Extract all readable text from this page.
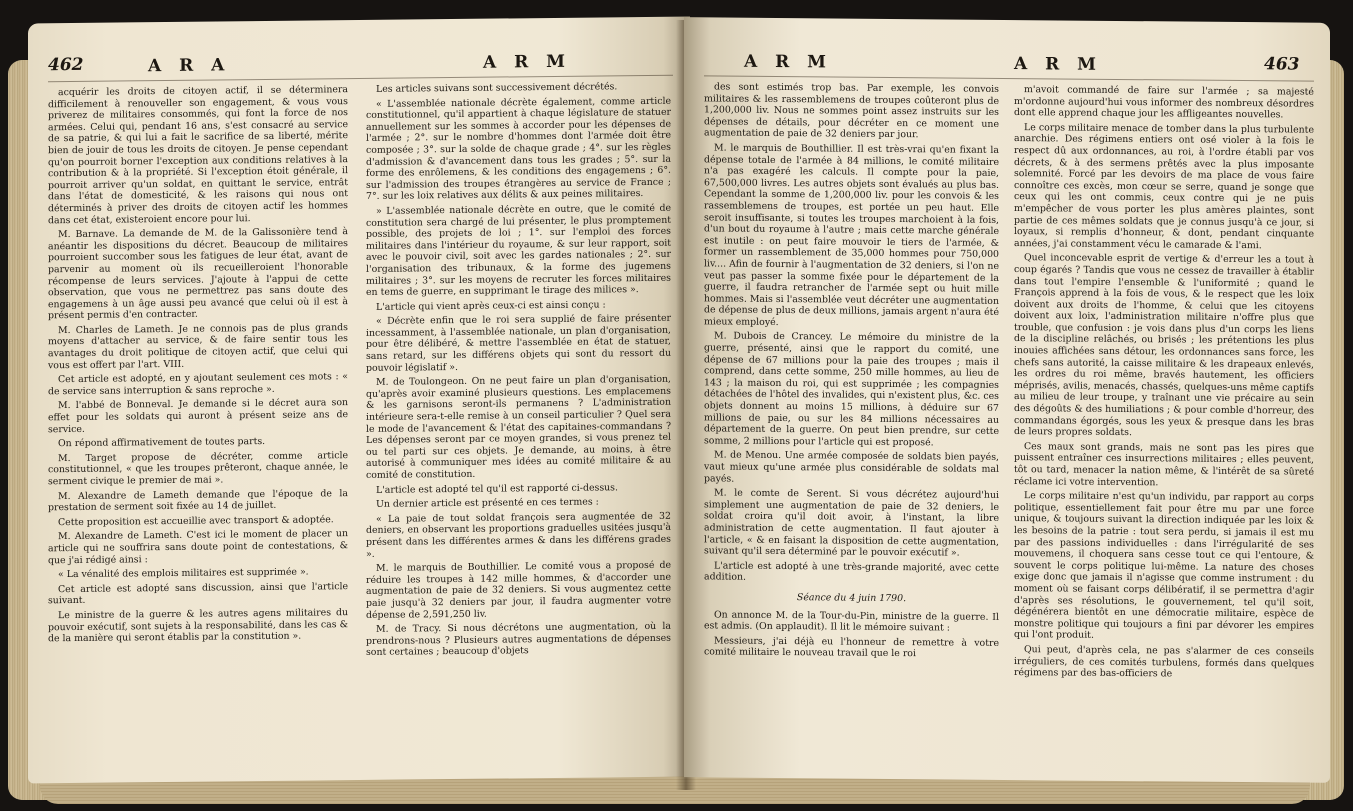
462	A R A	A R M

acquérir les droits de citoyen actif, il se déterminera difficilement à renouveller son engagement, & vous vous priverez de militaires consommés, qui font la force de nos armées. Celui qui, pendant 16 ans, s'est consacré au service de sa patrie, & qui lui a fait le sacrifice de sa liberté, mérite bien de jouir de tous les droits de citoyen. Je pense cependant qu'on pourroit borner l'exception aux conditions relatives à la contribution & à la propriété. Si l'exception étoit générale, il pourroit arriver qu'un soldat, en quittant le service, entrât dans l'état de domesticité, & les raisons qui nous ont déterminés à priver des droits de citoyen actif les hommes dans cet état, existeroient encore pour lui.

M. Barnave. La demande de M. de la Galissonière tend à anéantir les dispositions du décret. Beaucoup de militaires pourroient succomber sous les fatigues de leur état, avant de parvenir au moment où ils recueilleroient l'honorable récompense de leurs services. J'ajoute à l'appui de cette observation, que vous ne permettrez pas sans doute des engagemens à un âge aussi peu avancé que celui où il est à présent permis d'en contracter.

M. Charles de Lameth. Je ne connois pas de plus grands moyens d'attacher au service, & de faire sentir tous les avantages du droit politique de citoyen actif, que celui qui vous est offert par l'art. VIII.

Cet article est adopté, en y ajoutant seulement ces mots : « de service sans interruption & sans reproche ».

M. l'abbé de Bonneval. Je demande si le décret aura son effet pour les soldats qui auront à présent seize ans de service.

On répond affirmativement de toutes parts.

M. Target propose de décréter, comme article constitutionnel, « que les troupes prêteront, chaque année, le serment civique le premier de mai ».

M. Alexandre de Lameth demande que l'époque de la prestation de serment soit fixée au 14 de juillet.

Cette proposition est accueillie avec transport & adoptée.

M. Alexandre de Lameth. C'est ici le moment de placer un article qui ne souffrira sans doute point de contestations, & que j'ai rédigé ainsi :

« La vénalité des emplois militaires est supprimée ».

Cet article est adopté sans discussion, ainsi que l'article suivant.

Le ministre de la guerre & les autres agens militaires du pouvoir exécutif, sont sujets à la responsabilité, dans les cas & de la manière qui seront établis par la constitution ».

Les articles suivans sont successivement décrétés.

« L'assemblée nationale décrète également, comme article constitutionnel, qu'il appartient à chaque législature de statuer annuellement sur les sommes à accorder pour les dépenses de l'armée ; 2°. sur le nombre d'hommes dont l'armée doit être composée ; 3°. sur la solde de chaque grade ; 4°. sur les règles d'admission & d'avancement dans tous les grades ; 5°. sur la forme des enrôlemens, & les conditions des engagemens ; 6°. sur l'admission des troupes étrangères au service de France ; 7°. sur les loix relatives aux délits & aux peines militaires.

» L'assemblée nationale décrète en outre, que le comité de constitution sera chargé de lui présenter, le plus promptement possible, des projets de loi ; 1°. sur l'emploi des forces militaires dans l'intérieur du royaume, & sur leur rapport, soit avec le pouvoir civil, soit avec les gardes nationales ; 2°. sur l'organisation des tribunaux, & la forme des jugemens militaires ; 3°. sur les moyens de recruter les forces militaires en tems de guerre, en supprimant le tirage des milices ».

L'article qui vient après ceux-ci est ainsi conçu :

« Décrète enfin que le roi sera supplié de faire présenter incessamment, à l'assemblée nationale, un plan d'organisation, pour être délibéré, & mettre l'assemblée en état de statuer, sans retard, sur les différens objets qui sont du ressort du pouvoir législatif ».

M. de Toulongeon. On ne peut faire un plan d'organisation, qu'après avoir examiné plusieurs questions. Les emplacemens & les garnisons seront-ils permanens ? L'administration intérieure sera-t-elle remise à un conseil particulier ? Quel sera le mode de l'avancement & l'état des capitaines-commandans ? Les dépenses seront par ce moyen grandes, si vous prenez tel ou tel parti sur ces objets. Je demande, au moins, à être autorisé à communiquer mes idées au comité militaire & au comité de constitution.

L'article est adopté tel qu'il est rapporté ci-dessus.

Un dernier article est présenté en ces termes :

« La paie de tout soldat françois sera augmentée de 32 deniers, en observant les proportions graduelles usitées jusqu'à présent dans les différentes armes & dans les différens grades ».

M. le marquis de Bouthillier. Le comité vous a proposé de réduire les troupes à 142 mille hommes, & d'accorder une augmentation de paie de 32 deniers. Si vous augmentez cette paie jusqu'à 32 deniers par jour, il faudra augmenter votre dépense de 2,591,250 liv.

M. de Tracy. Si nous décrétons une augmentation, où la prendrons-nous ? Plusieurs autres augmentations de dépenses sont certaines ; beaucoup d'objets

A R M	A R M	463

des sont estimés trop bas. Par exemple, les convois militaires & les rassemblemens de troupes coûteront plus de 1,200,000 liv. Nous ne sommes point assez instruits sur les dépenses de détails, pour décréter en ce moment une augmentation de paie de 32 deniers par jour.

M. le marquis de Bouthillier. Il est très-vrai qu'en fixant la dépense totale de l'armée à 84 millions, le comité militaire n'a pas exagéré les calculs. Il compte pour la paie, 67,500,000 livres. Les autres objets sont évalués au plus bas. Cependant la somme de 1,200,000 liv. pour les convois & les rassemblemens de troupes, est portée un peu haut. Elle seroit insuffisante, si toutes les troupes marchoient à la fois, d'un bout du royaume à l'autre ; mais cette marche générale est inutile : on peut faire mouvoir le tiers de l'armée, & former un rassemblement de 35,000 hommes pour 750,000 liv.... Afin de fournir à l'augmentation de 32 deniers, si l'on ne veut pas passer la somme fixée pour le département de la guerre, il faudra retrancher de l'armée sept ou huit mille hommes. Mais si l'assemblée veut décréter une augmentation de dépense de plus de deux millions, jamais argent n'aura été mieux employé.

M. Dubois de Crancey. Le mémoire du ministre de la guerre, présenté, ainsi que le rapport du comité, une dépense de 67 millions pour la paie des troupes ; mais il comprend, dans cette somme, 250 mille hommes, au lieu de 143 ; la maison du roi, qui est supprimée ; les compagnies détachées de l'hôtel des invalides, qui n'existent plus, &c. ces objets donnent au moins 15 millions, à déduire sur 67 millions de paie, ou sur les 84 millions nécessaires au département de la guerre. On peut bien prendre, sur cette somme, 2 millions pour l'article qui est proposé.

M. de Menou. Une armée composée de soldats bien payés, vaut mieux qu'une armée plus considérable de soldats mal payés.

M. le comte de Serent. Si vous décrétez aujourd'hui simplement une augmentation de paie de 32 deniers, le soldat croira qu'il doit avoir, à l'instant, la libre administration de cette augmentation. Il faut ajouter à l'article, « & en faisant la disposition de cette augmentation, suivant qu'il sera déterminé par le pouvoir exécutif ».

L'article est adopté à une très-grande majorité, avec cette addition.

Séance du 4 juin 1790.

On annonce M. de la Tour-du-Pin, ministre de la guerre. Il est admis. (On applaudit). Il lit le mémoire suivant :

Messieurs, j'ai déjà eu l'honneur de remettre à votre comité militaire le nouveau travail que le roi

m'avoit commandé de faire sur l'armée ; sa majesté m'ordonne aujourd'hui vous informer des nombreux désordres dont elle apprend chaque jour les affligeantes nouvelles.

Le corps militaire menace de tomber dans la plus turbulente anarchie. Des régimens entiers ont osé violer à la fois le respect dû aux ordonnances, au roi, à l'ordre établi par vos décrets, & à des sermens prêtés avec la plus imposante solemnité. Forcé par les devoirs de ma place de vous faire connoître ces excès, mon cœur se serre, quand je songe que ceux qui les ont commis, ceux contre qui je ne puis m'empêcher de vous porter les plus amères plaintes, sont partie de ces mêmes soldats que je connus jusqu'à ce jour, si loyaux, si remplis d'honneur, & dont, pendant cinquante années, j'ai constamment vécu le camarade & l'ami.

Quel inconcevable esprit de vertige & d'erreur les a tout à coup égarés ? Tandis que vous ne cessez de travailler à établir dans tout l'empire l'ensemble & l'uniformité ; quand le François apprend à la fois de vous, & le respect que les loix doivent aux droits de l'homme, & celui que les citoyens doivent aux loix, l'administration militaire n'offre plus que trouble, que confusion : je vois dans plus d'un corps les liens de la discipline relâchés, ou brisés ; les prétentions les plus inouies affichées sans détour, les ordonnances sans force, les chefs sans autorité, la caisse militaire & les drapeaux enlevés, les ordres du roi même, bravés hautement, les officiers méprisés, avilis, menacés, chassés, quelques-uns même captifs au milieu de leur troupe, y traînant une vie précaire au sein des dégoûts & des humiliations ; & pour comble d'horreur, des commandans égorgés, sous les yeux & presque dans les bras de leurs propres soldats.

Ces maux sont grands, mais ne sont pas les pires que puissent entraîner ces insurrections militaires ; elles peuvent, tôt ou tard, menacer la nation même, & l'intérêt de sa sûreté réclame ici votre intervention.

Le corps militaire n'est qu'un individu, par rapport au corps politique, essentiellement fait pour être mu par une force unique, & toujours suivant la direction indiquée par les loix & les besoins de la patrie : tout sera perdu, si jamais il est mu par des passions individuelles : dans l'irrégularité de ses mouvemens, il choquera sans cesse tout ce qui l'entoure, & souvent le corps politique lui-même. La nature des choses exige donc que jamais il n'agisse que comme instrument : du moment où se faisant corps délibératif, il se permettra d'agir d'après ses résolutions, le gouvernement, tel qu'il soit, dégénérera bientôt en une démocratie militaire, espèce de monstre politique qui toujours a fini par dévorer les empires qui l'ont produit.

Qui peut, d'après cela, ne pas s'alarmer de ces conseils irréguliers, de ces comités turbulens, formés dans quelques régimens par des bas-officiers de
